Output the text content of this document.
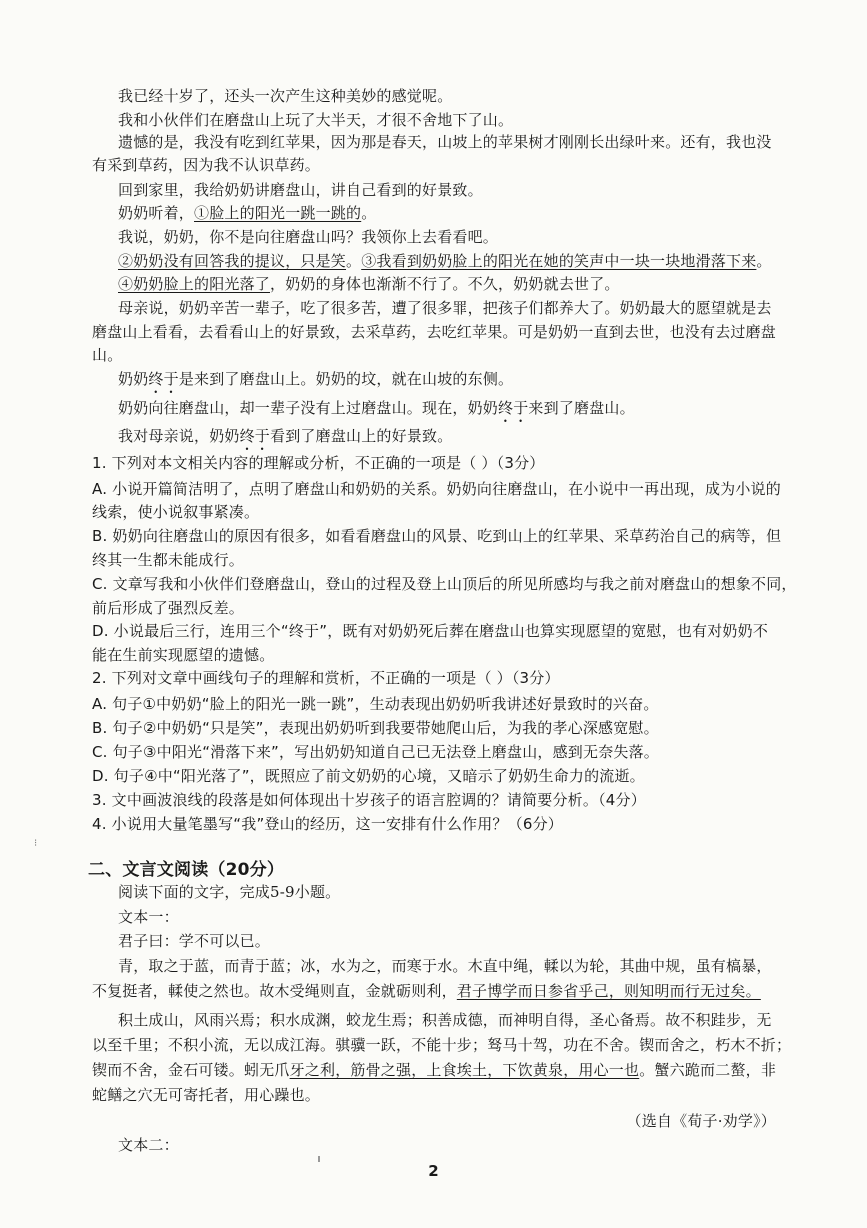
我已经十岁了，还头一次产生这种美妙的感觉呢。
我和小伙伴们在磨盘山上玩了大半天，才很不舍地下了山。
遗憾的是，我没有吃到红苹果，因为那是春天，山坡上的苹果树才刚刚长出绿叶来。还有，我也没
有采到草药，因为我不认识草药。
回到家里，我给奶奶讲磨盘山，讲自己看到的好景致。
奶奶听着，①脸上的阳光一跳一跳的。
我说，奶奶，你不是向往磨盘山吗？我领你上去看看吧。
②奶奶没有回答我的提议，只是笑。③我看到奶奶脸上的阳光在她的笑声中一块一块地滑落下来。
④奶奶脸上的阳光落了，奶奶的身体也渐渐不行了。不久，奶奶就去世了。
母亲说，奶奶辛苦一辈子，吃了很多苦，遭了很多罪，把孩子们都养大了。奶奶最大的愿望就是去
磨盘山上看看，去看看山上的好景致，去采草药，去吃红苹果。可是奶奶一直到去世，也没有去过磨盘
山。
奶奶终于是来到了磨盘山上。奶奶的坟，就在山坡的东侧。
奶奶向往磨盘山，却一辈子没有上过磨盘山。现在，奶奶终于来到了磨盘山。
我对母亲说，奶奶终于看到了磨盘山上的好景致。
1. 下列对本文相关内容的理解或分析，不正确的一项是（ ）（3分）
A. 小说开篇简洁明了，点明了磨盘山和奶奶的关系。奶奶向往磨盘山，在小说中一再出现，成为小说的
线索，使小说叙事紧凑。
B. 奶奶向往磨盘山的原因有很多，如看看磨盘山的风景、吃到山上的红苹果、采草药治自己的病等，但
终其一生都未能成行。
C. 文章写我和小伙伴们登磨盘山，登山的过程及登上山顶后的所见所感均与我之前对磨盘山的想象不同，
前后形成了强烈反差。
D. 小说最后三行，连用三个“终于”，既有对奶奶死后葬在磨盘山也算实现愿望的宽慰，也有对奶奶不
能在生前实现愿望的遗憾。
2. 下列对文章中画线句子的理解和赏析，不正确的一项是（ ）（3分）
A. 句子①中奶奶“脸上的阳光一跳一跳”，生动表现出奶奶听我讲述好景致时的兴奋。
B. 句子②中奶奶“只是笑”，表现出奶奶听到我要带她爬山后，为我的孝心深感宽慰。
C. 句子③中阳光“滑落下来”，写出奶奶知道自己已无法登上磨盘山，感到无奈失落。
D. 句子④中“阳光落了”，既照应了前文奶奶的心境，又暗示了奶奶生命力的流逝。
3. 文中画波浪线的段落是如何体现出十岁孩子的语言腔调的？请简要分析。（4分）
4. 小说用大量笔墨写“我”登山的经历，这一安排有什么作用？（6分）
⁝
二、文言文阅读（20分）
阅读下面的文字，完成5-9小题。
文本一：
君子曰：学不可以已。
青，取之于蓝，而青于蓝；冰，水为之，而寒于水。木直中绳，輮以为轮，其曲中规，虽有槁暴，
不复挺者，輮使之然也。故木受绳则直，金就砺则利，君子博学而日参省乎己，则知明而行无过矣。
积土成山，风雨兴焉；积水成渊，蛟龙生焉；积善成德，而神明自得，圣心备焉。故不积跬步，无
以至千里；不积小流，无以成江海。骐骥一跃，不能十步；驽马十驾，功在不舍。锲而舍之，朽木不折；
锲而不舍，金石可镂。蚓无爪牙之利，筋骨之强，上食埃土，下饮黄泉，用心一也。蟹六跪而二螯，非
蛇鳝之穴无可寄托者，用心躁也。
（选自《荀子·劝学》）
文本二：
2
